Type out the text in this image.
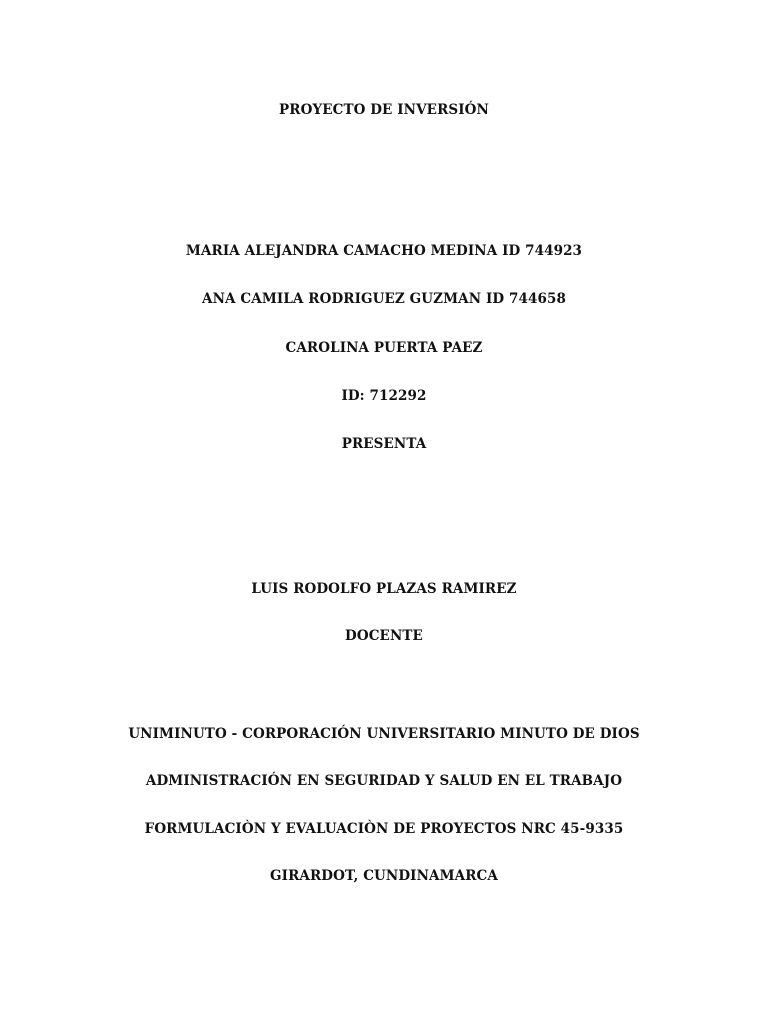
PROYECTO DE INVERSIÓN
MARIA ALEJANDRA CAMACHO MEDINA ID 744923
ANA CAMILA RODRIGUEZ GUZMAN ID 744658
CAROLINA PUERTA PAEZ
ID: 712292
PRESENTA
LUIS RODOLFO PLAZAS RAMIREZ
DOCENTE
UNIMINUTO - CORPORACIÓN UNIVERSITARIO MINUTO DE DIOS
ADMINISTRACIÓN EN SEGURIDAD Y SALUD EN EL TRABAJO
FORMULACIÒN Y EVALUACIÒN DE PROYECTOS NRC 45-9335
GIRARDOT, CUNDINAMARCA
